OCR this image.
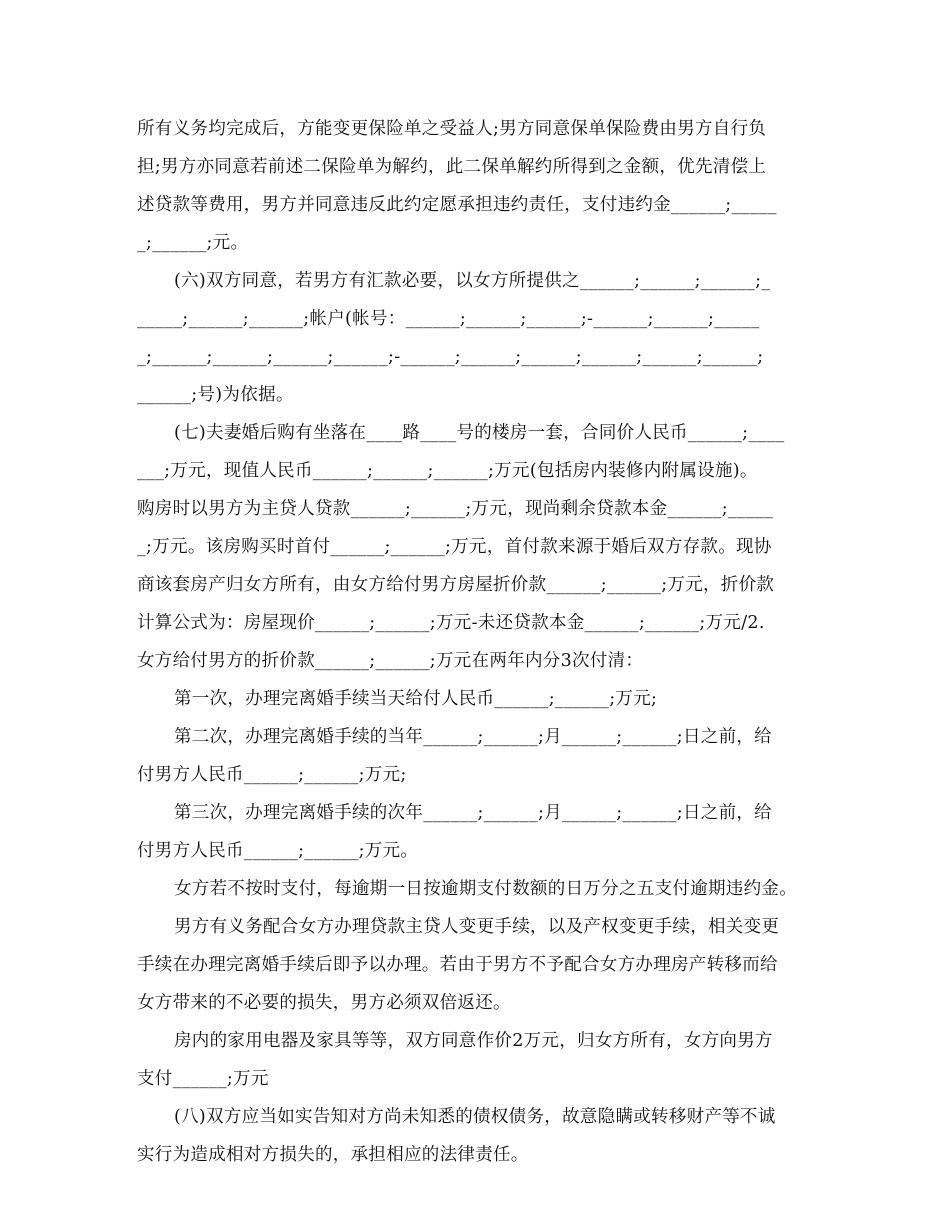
所有义务均完成后，方能变更保险单之受益人;男方同意保单保险费由男方自行负
担;男方亦同意若前述二保险单为解约，此二保单解约所得到之金额，优先清偿上
述贷款等费用，男方并同意违反此约定愿承担违约责任，支付违约金______;_____
_;______;元。
(六)双方同意，若男方有汇款必要，以女方所提供之______;______;______;_
_____;______;______;帐户(帐号：______;______;______;-______;______;_____
_;______;______;______;______;-______;______;______;______;______;______;
______;号)为依据。
(七)夫妻婚后购有坐落在____路____号的楼房一套，合同价人民币______;____
___;万元，现值人民币______;______;______;万元(包括房内装修内附属设施)。
购房时以男方为主贷人贷款______;______;万元，现尚剩余贷款本金______;_____
_;万元。该房购买时首付______;______;万元，首付款来源于婚后双方存款。现协
商该套房产归女方所有，由女方给付男方房屋折价款______;______;万元，折价款
计算公式为：房屋现价______;______;万元-未还贷款本金______;______;万元/2.
女方给付男方的折价款______;______;万元在两年内分3次付清：
第一次，办理完离婚手续当天给付人民币______;______;万元;
第二次，办理完离婚手续的当年______;______;月______;______;日之前，给
付男方人民币______;______;万元;
第三次，办理完离婚手续的次年______;______;月______;______;日之前，给
付男方人民币______;______;万元。
女方若不按时支付，每逾期一日按逾期支付数额的日万分之五支付逾期违约金。
男方有义务配合女方办理贷款主贷人变更手续，以及产权变更手续，相关变更
手续在办理完离婚手续后即予以办理。若由于男方不予配合女方办理房产转移而给
女方带来的不必要的损失，男方必须双倍返还。
房内的家用电器及家具等等，双方同意作价2万元，归女方所有，女方向男方
支付______;万元
(八)双方应当如实告知对方尚未知悉的债权债务，故意隐瞒或转移财产等不诚
实行为造成相对方损失的，承担相应的法律责任。
